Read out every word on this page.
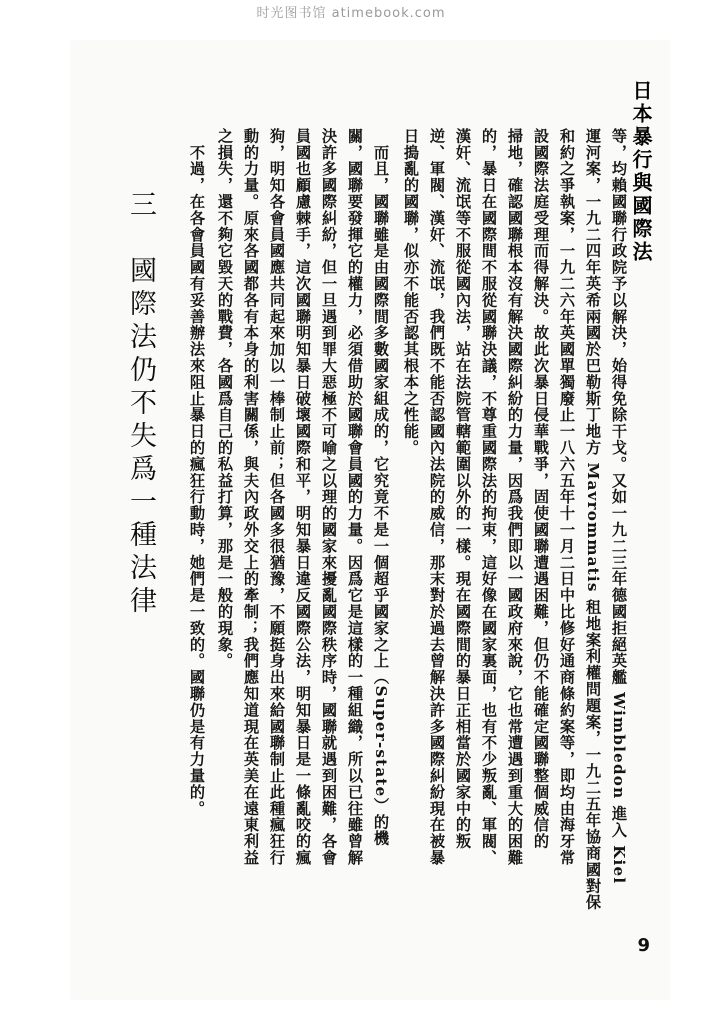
时光图书馆 atimebook.com
日本暴行與國際法
等，均賴國聯行政院予以解決，始得免除干戈。又如一九二三年德國拒絕英艦 Wimbledon 進入 Kiel
運河案，一九二四年英希兩國於巴勒斯丁地方 Mavrommatis 租地案利權問題案，一九二五年協商國對保
和約之爭執案，一九二六年英國單獨廢止一八六五年十一月二日中比修好通商條約案等，即均由海牙常
設國際法庭受理而得解決。故此次暴日侵華戰爭，固使國聯遭遇困難，但仍不能確定國聯整個威信的
掃地，確認國聯根本沒有解決國際糾紛的力量，因爲我們即以一國政府來說，它也常遭遇到重大的困難
的，暴日在國際間不服從國聯決議，不尊重國際法的拘束，這好像在國家裏面，也有不少叛亂、軍閥、
漢奸、流氓等不服從國內法，站在法院管轄範圍以外的一樣。現在國際間的暴日正相當於國家中的叛
逆、軍閥、漢奸、流氓，我們既不能否認國內法院的威信，那末對於過去曾解決許多國際糾紛現在被暴
日搗亂的國聯，似亦不能否認其根本之性能。
　而且，國聯雖是由國際間多數國家組成的，它究竟不是一個超乎國家之上（Super-state）的機
關，國聯要發揮它的權力，必須借助於國聯會員國的力量。因爲它是這樣的一種組織，所以已往雖曾解
決許多國際糾紛，但一旦遇到罪大惡極不可喻之以理的國家來擾亂國際秩序時，國聯就遇到困難，各會
員國也顧慮棘手，這次國聯明知暴日破壞國際和平，明知暴日違反國際公法，明知暴日是一條亂咬的瘋
狗，明知各會員國應共同起來加以一棒制止前；但各國多很猶豫，不願挺身出來給國聯制止此種瘋狂行
動的力量。原來各國都各有本身的利害關係，與夫內政外交上的牽制；我們應知道現在英美在遠東利益
之損失，還不夠它毀天的戰費，各國爲自己的私益打算，那是一般的現象。
　不過，在各會員國有妥善辦法來阻止暴日的瘋狂行動時，她們是一致的。國聯仍是有力量的。
三　國際法仍不失爲一種法律
9
